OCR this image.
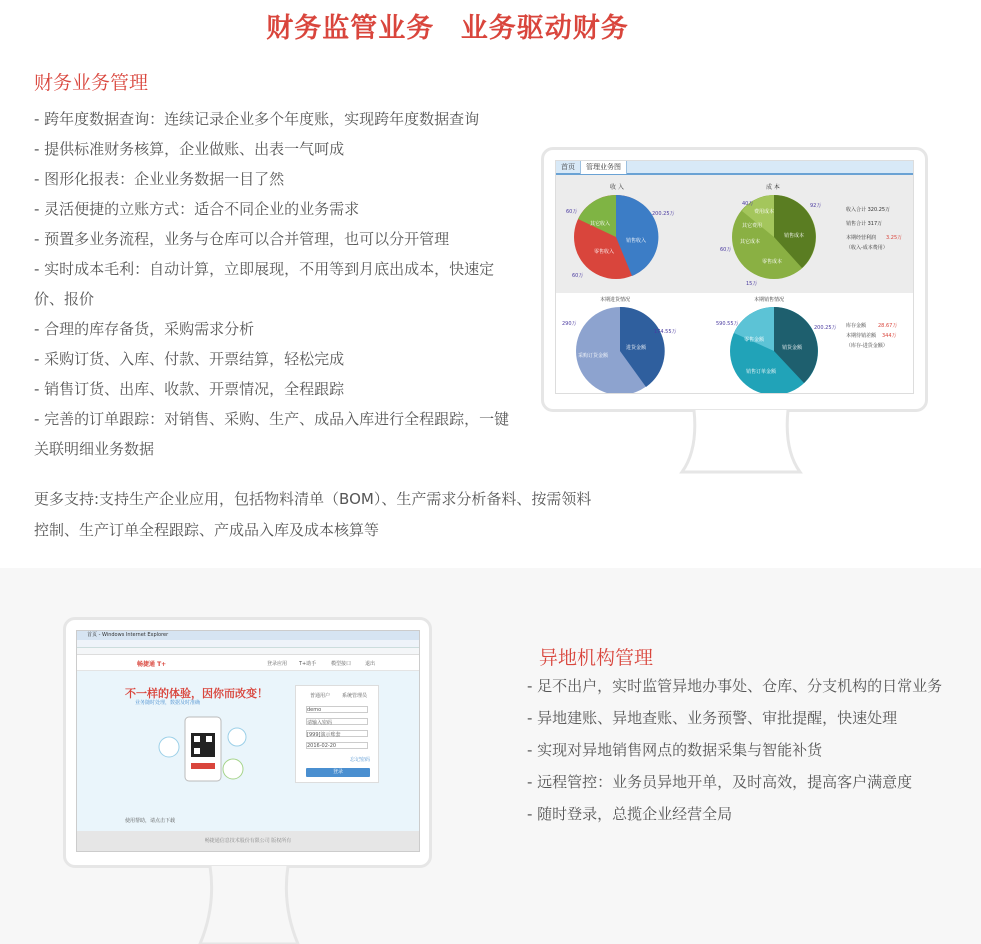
财务监管业务 业务驱动财务
财务业务管理
- 跨年度数据查询：连续记录企业多个年度账，实现跨年度数据查询
- 提供标准财务核算，企业做账、出表一气呵成
- 图形化报表：企业业务数据一目了然
- 灵活便捷的立账方式：适合不同企业的业务需求
- 预置多业务流程，业务与仓库可以合并管理，也可以分开管理
- 实时成本毛利：自动计算，立即展现，不用等到月底出成本，快速定价、报价
- 合理的库存备货，采购需求分析
- 采购订货、入库、付款、开票结算，轻松完成
- 销售订货、出库、收款、开票情况，全程跟踪
- 完善的订单跟踪：对销售、采购、生产、成品入库进行全程跟踪，一键关联明细业务数据
更多支持:支持生产企业应用，包括物料清单（BOM）、生产需求分析备料、按需领料控制、生产订单全程跟踪、产成品入库及成本核算等
首页	管理业务图
收 入
销售收入
零售收入
其它收入
200.25万
60万
60万
成 本
销售成本
零售成本
其它成本
费用成本
其它费用
92万
60万
40万
15万
收入合计 320.25万
销售合计 317万
本期经营利润 3.25万
（收入-成本费用）
本期进货情况
进货金额
采购订货金额
174.55万
290万
本期销售情况
销货金额
销售订单金额
零售金额
200.25万
590.55万	库存金额 28.67万
本期待销差额 344万
（库存-进货金额）
首页 - Windows Internet Explorer
畅捷通 T+	登录应用 T+助手	模型接口	退出
不一样的体验，因你而改变！
业务随时处理，数据及时准确
使用帮助，请点击下载
普通用户 系统管理员
demo
请输入密码
[999]演示账套
2016-02-20
忘记密码
登录
畅捷通信息技术股份有限公司 版权所有
异地机构管理
- 足不出户，实时监管异地办事处、仓库、分支机构的日常业务
- 异地建账、异地查账、业务预警、审批提醒，快速处理
- 实现对异地销售网点的数据采集与智能补货
- 远程管控：业务员异地开单，及时高效，提高客户满意度
- 随时登录，总揽企业经营全局
